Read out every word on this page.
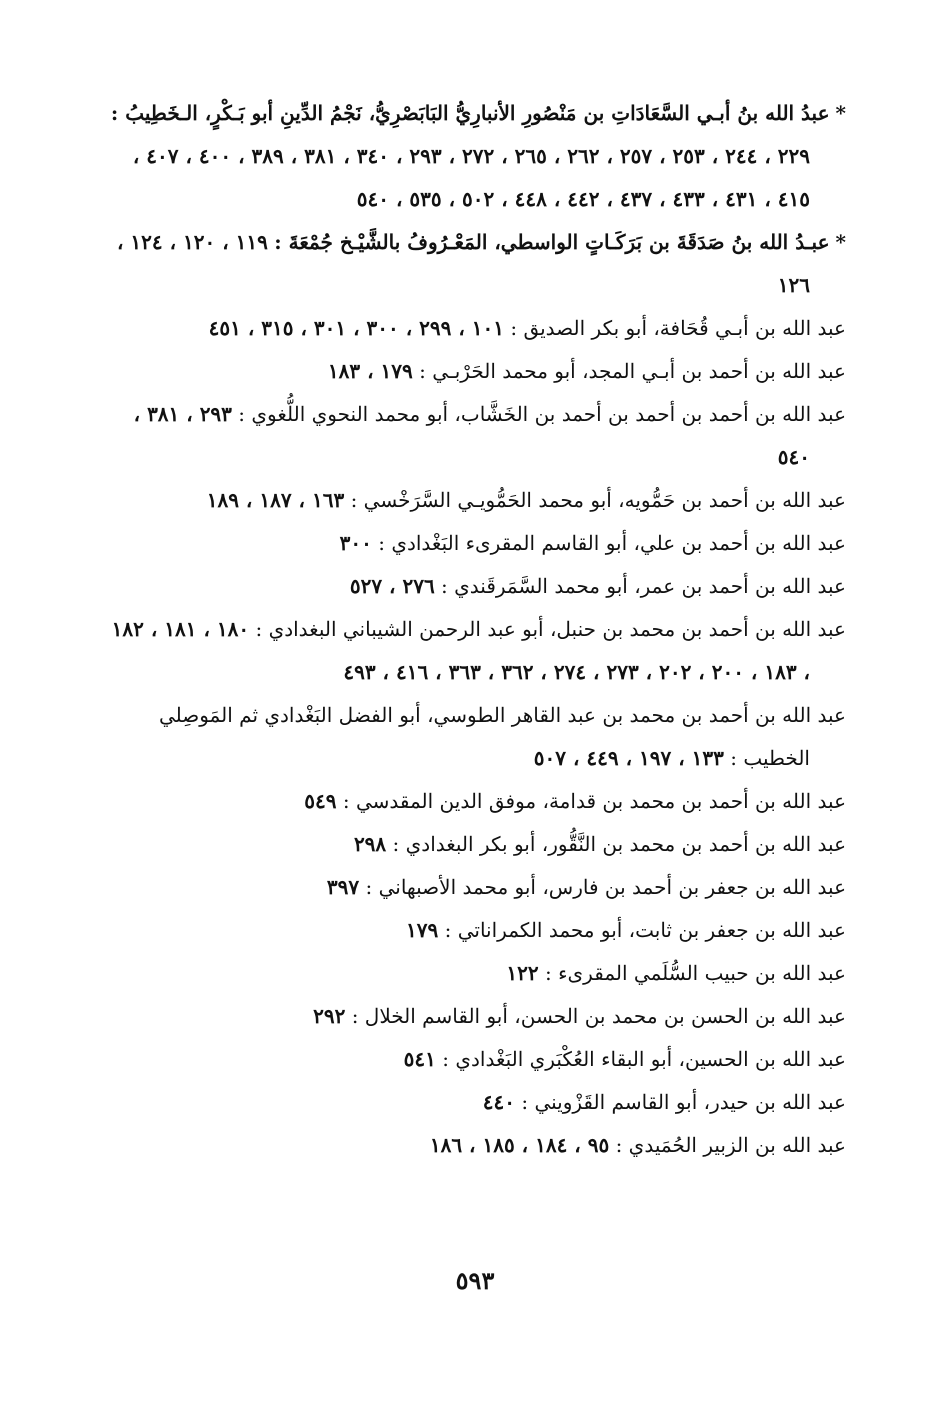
*عبدُ الله بنُ أبـي السَّعَادَاتِ بن مَنْصُورِ الأنبارِيُّ البَابَصْرِيُّ، نَجْمُ الدِّينِ أبو بَـكْرٍ، الـخَطِيبُ : ٢٢٩ ، ٢٤٤ ، ٢٥٣ ، ٢٥٧ ، ٢٦٢ ، ٢٦٥ ، ٢٧٢ ، ٢٩٣ ، ٣٤٠ ، ٣٨١ ، ٣٨٩ ، ٤٠٠ ، ٤٠٧ ، ٤١٥ ، ٤٣١ ، ٤٣٣ ، ٤٣٧ ، ٤٤٢ ، ٤٤٨ ، ٥٠٢ ، ٥٣٥ ، ٥٤٠

*عبـدُ الله بنُ صَدَقَةَ بن بَرَكَـاتٍ الواسطي، المَعْـرُوفُ بالشَّيْـخ جُمْعَةَ : ١١٩ ، ١٢٠ ، ١٢٤ ، ١٢٦

عبد الله بن أبـي قُحَافة، أبو بكر الصديق : ١٠١ ، ٢٩٩ ، ٣٠٠ ، ٣٠١ ، ٣١٥ ، ٤٥١

عبد الله بن أحمد بن أبـي المجد، أبو محمد الحَرْبـي : ١٧٩ ، ١٨٣

عبد الله بن أحمد بن أحمد بن أحمد بن الخَشَّاب، أبو محمد النحوي اللُّغوي : ٢٩٣ ، ٣٨١ ، ٥٤٠

عبد الله بن أحمد بن حَمُّويه، أبو محمد الحَمُّويـي السَّرَخْسي : ١٦٣ ، ١٨٧ ، ١٨٩

عبد الله بن أحمد بن علي، أبو القاسم المقرىء البَغْدادي : ٣٠٠

عبد الله بن أحمد بن عمر، أبو محمد السَّمَرقَندي : ٢٧٦ ، ٥٢٧

عبد الله بن أحمد بن محمد بن حنبل، أبو عبد الرحمن الشيباني البغدادي : ١٨٠ ، ١٨١ ، ١٨٢ ، ١٨٣ ، ٢٠٠ ، ٢٠٢ ، ٢٧٣ ، ٢٧٤ ، ٣٦٢ ، ٣٦٣ ، ٤١٦ ، ٤٩٣

عبد الله بن أحمد بن محمد بن عبد القاهر الطوسي، أبو الفضل البَغْدادي ثم المَوصِلي الخطيب : ١٣٣ ، ١٩٧ ، ٤٤٩ ، ٥٠٧

عبد الله بن أحمد بن محمد بن قدامة، موفق الدين المقدسي : ٥٤٩

عبد الله بن أحمد بن محمد بن النَّقُّور، أبو بكر البغدادي : ٢٩٨

عبد الله بن جعفر بن أحمد بن فارس، أبو محمد الأصبهاني : ٣٩٧

عبد الله بن جعفر بن ثابت، أبو محمد الكمراناتي : ١٧٩

عبد الله بن حبيب السُّلَمي المقرىء : ١٢٢

عبد الله بن الحسن بن محمد بن الحسن، أبو القاسم الخلال : ٢٩٢

عبد الله بن الحسين، أبو البقاء العُكْبَري البَغْدادي : ٥٤١

عبد الله بن حيدر، أبو القاسم القَزْويني : ٤٤٠

عبد الله بن الزبير الحُمَيدي : ٩٥ ، ١٨٤ ، ١٨٥ ، ١٨٦

٥٩٣
